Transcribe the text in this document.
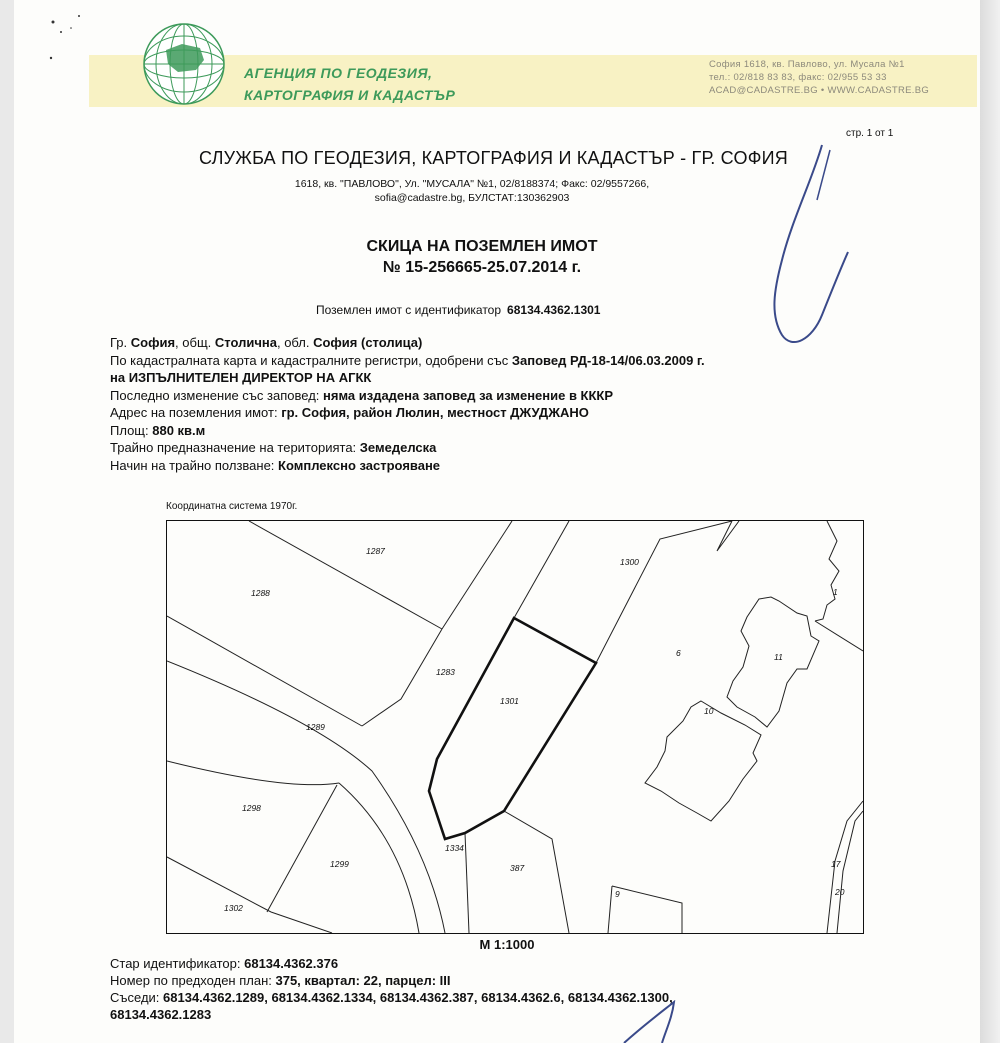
АГЕНЦИЯ ПО ГЕОДЕЗИЯ,
КАРТОГРАФИЯ И КАДАСТЪР
София 1618, кв. Павлово, ул. Мусала №1
тел.: 02/818 83 83, факс: 02/955 53 33
ACAD@CADASTRE.BG • WWW.CADASTRE.BG
стр. 1 от 1
СЛУЖБА ПО ГЕОДЕЗИЯ, КАРТОГРАФИЯ И КАДАСТЪР - ГР. СОФИЯ
1618, кв. "ПАВЛОВО", Ул. "МУСАЛА" №1, 02/8188374; Факс: 02/9557266,
sofia@cadastre.bg, БУЛСТАТ:130362903
СКИЦА НА ПОЗЕМЛЕН ИМОТ
№ 15-256665-25.07.2014 г.
Поземлен имот с идентификатор 68134.4362.1301
Гр. София, общ. Столична, обл. София (столица)
По кадастралната карта и кадастралните регистри, одобрени със Заповед РД-18-14/06.03.2009 г.
на ИЗПЪЛНИТЕЛЕН ДИРЕКТОР НА АГКК
Последно изменение със заповед: няма издадена заповед за изменение в КККР
Адрес на поземления имот: гр. София, район Люлин, местност ДЖУДЖАНО
Площ: 880 кв.м
Трайно предназначение на територията: Земеделска
Начин на трайно ползване: Комплексно застрояване
Координатна система 1970г.
1287
1288
1300
1
6	11
1283
1301
10
1289
1298
1334
387
1299
9
17
20
1302
М 1:1000
Стар идентификатор: 68134.4362.376
Номер по предходен план: 375, квартал: 22, парцел: III
Съседи: 68134.4362.1289, 68134.4362.1334, 68134.4362.387, 68134.4362.6, 68134.4362.1300,
68134.4362.1283
